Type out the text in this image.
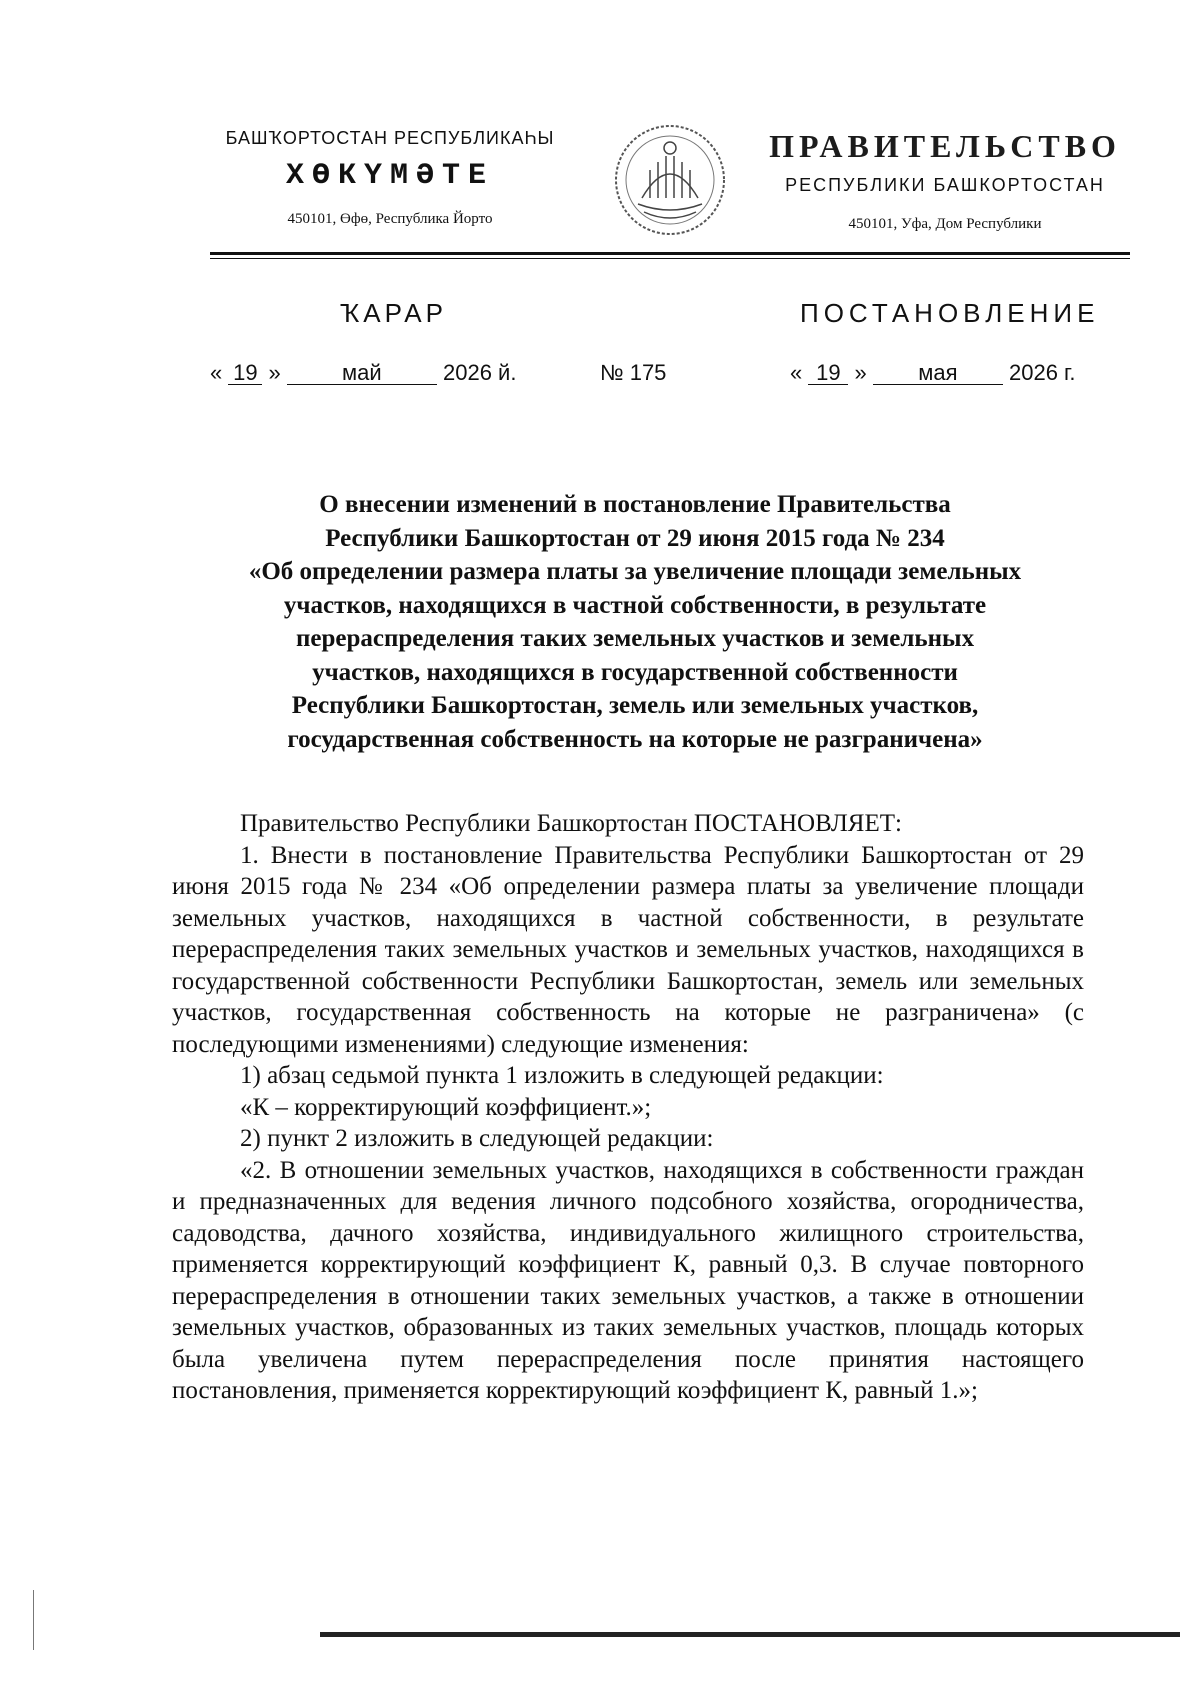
БАШҠОРТОСТАН РЕСПУБЛИКАҺЫ
ХӨКҮМӘТЕ
450101, Өфө, Республика Йорто
ПРАВИТЕЛЬСТВО
РЕСПУБЛИКИ БАШКОРТОСТАН
450101, Уфа, Дом Республики
ҠАРАР	ПОСТАНОВЛЕНИЕ
« 19 »	май	2026 й.	№ 175	« 19 » мая 2026 г.
О внесении изменений в постановление Правительства
Республики Башкортостан от 29 июня 2015 года № 234
«Об определении размера платы за увеличение площади земельных
участков, находящихся в частной собственности, в результате
перераспределения таких земельных участков и земельных
участков, находящихся в государственной собственности
Республики Башкортостан, земель или земельных участков,
государственная собственность на которые не разграничена»
Правительство Республики Башкортостан ПОСТАНОВЛЯЕТ:
1. Внести в постановление Правительства Республики Башкортостан от 29 июня 2015 года № 234 «Об определении размера платы за увеличение площади земельных участков, находящихся в частной собственности, в результате перераспределения таких земельных участков и земельных участков, находящихся в государственной собственности Республики Башкортостан, земель или земельных участков, государственная собственность на которые не разграничена» (с последующими изменениями) следующие изменения:
1) абзац седьмой пункта 1 изложить в следующей редакции:
«К – корректирующий коэффициент.»;
2) пункт 2 изложить в следующей редакции:
«2. В отношении земельных участков, находящихся в собственности граждан и предназначенных для ведения личного подсобного хозяйства, огородничества, садоводства, дачного хозяйства, индивидуального жилищного строительства, применяется корректирующий коэффициент К, равный 0,3. В случае повторного перераспределения в отношении таких земельных участков, а также в отношении земельных участков, образованных из таких земельных участков, площадь которых была увеличена путем перераспределения после принятия настоящего постановления, применяется корректирующий коэффициент К, равный 1.»;
